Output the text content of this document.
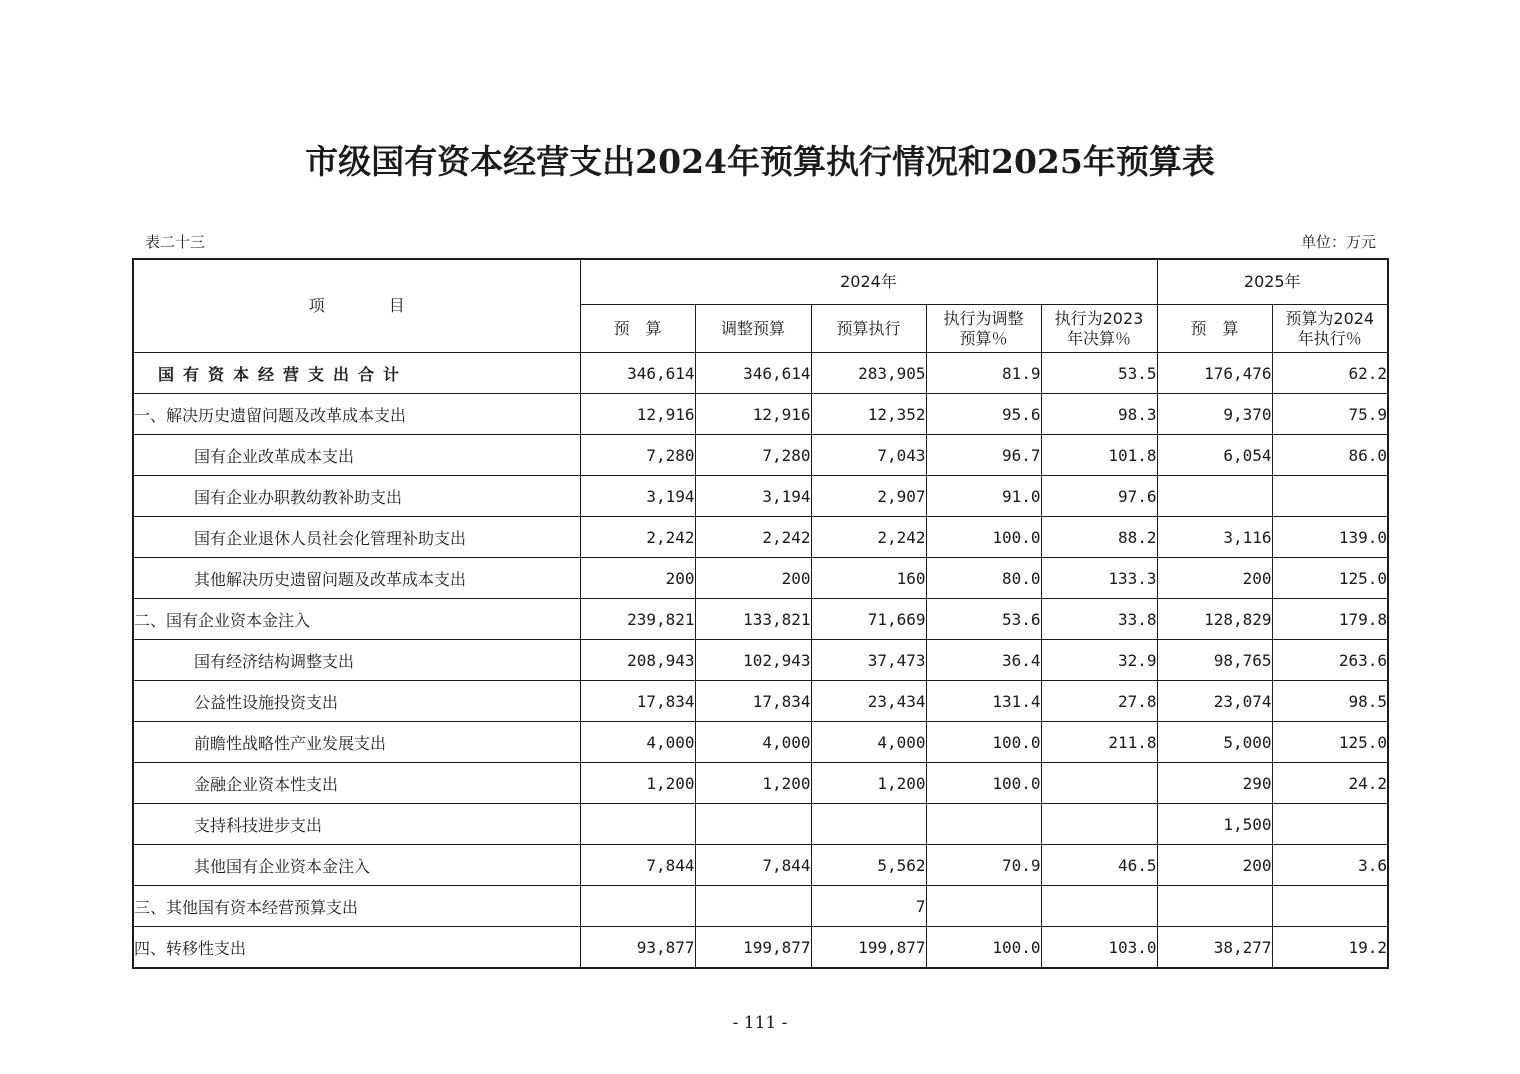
市级国有资本经营支出2024年预算执行情况和2025年预算表
表二十三	单位：万元
项　　　　目	2024年					2025年	
	预　算	调整预算	预算执行	执行为调整预算％	执行为2023年决算％	预　算	预算为2024年执行％
国有资本经营支出合计	346,614	346,614	283,905	81.9	53.5	176,476	62.2
一、解决历史遗留问题及改革成本支出	12,916	12,916	12,352	95.6	98.3	9,370	75.9
国有企业改革成本支出	7,280	7,280	7,043	96.7	101.8	6,054	86.0
国有企业办职教幼教补助支出	3,194	3,194	2,907	91.0	97.6		
国有企业退休人员社会化管理补助支出	2,242	2,242	2,242	100.0	88.2	3,116	139.0
其他解决历史遗留问题及改革成本支出	200	200	160	80.0	133.3	200	125.0
二、国有企业资本金注入	239,821	133,821	71,669	53.6	33.8	128,829	179.8
国有经济结构调整支出	208,943	102,943	37,473	36.4	32.9	98,765	263.6
公益性设施投资支出	17,834	17,834	23,434	131.4	27.8	23,074	98.5
前瞻性战略性产业发展支出	4,000	4,000	4,000	100.0	211.8	5,000	125.0
金融企业资本性支出	1,200	1,200	1,200	100.0		290	24.2
支持科技进步支出						1,500	
其他国有企业资本金注入	7,844	7,844	5,562	70.9	46.5	200	3.6
三、其他国有资本经营预算支出			7				
四、转移性支出	93,877	199,877	199,877	100.0	103.0	38,277	19.2
- 111 -
